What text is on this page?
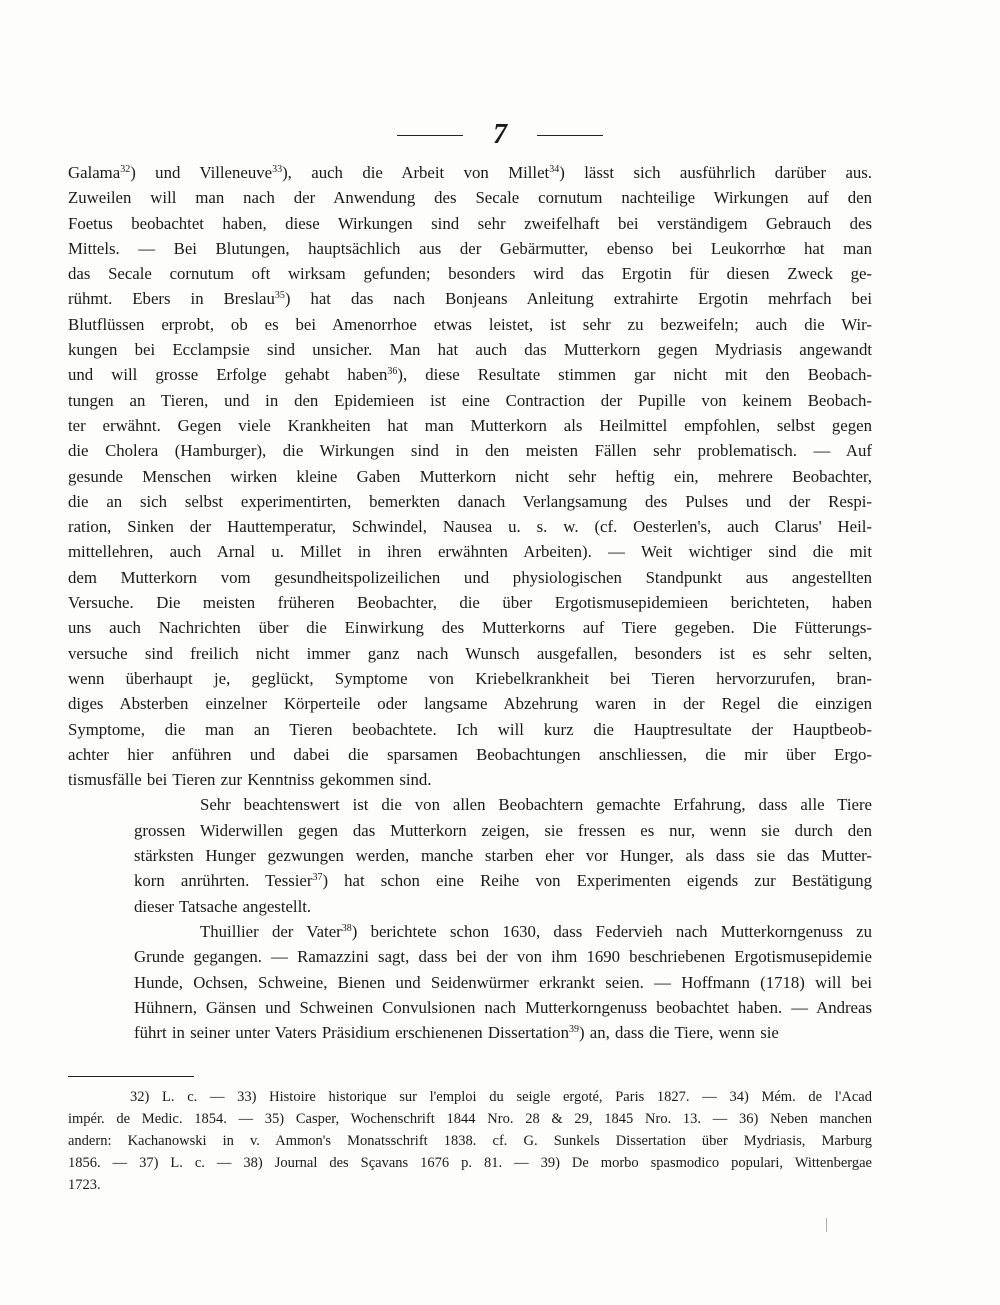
7
Galama$^{32}$) und Villeneuve$^{33}$), auch die Arbeit von Millet$^{34}$) lässt sich ausführlich darüber aus.
Zuweilen will man nach der Anwendung des Secale cornutum nachteilige Wirkungen auf den
Foetus beobachtet haben, diese Wirkungen sind sehr zweifelhaft bei verständigem Gebrauch des
Mittels. — Bei Blutungen, hauptsächlich aus der Gebärmutter, ebenso bei Leukorrhœ hat man
das Secale cornutum oft wirksam gefunden; besonders wird das Ergotin für diesen Zweck ge-
rühmt. Ebers in Breslau$^{35}$) hat das nach Bonjeans Anleitung extrahirte Ergotin mehrfach bei
Blutflüssen erprobt, ob es bei Amenorrhoe etwas leistet, ist sehr zu bezweifeln; auch die Wir-
kungen bei Ecclampsie sind unsicher. Man hat auch das Mutterkorn gegen Mydriasis angewandt
und will grosse Erfolge gehabt haben$^{36}$), diese Resultate stimmen gar nicht mit den Beobach-
tungen an Tieren, und in den Epidemieen ist eine Contraction der Pupille von keinem Beobach-
ter erwähnt. Gegen viele Krankheiten hat man Mutterkorn als Heilmittel empfohlen, selbst gegen
die Cholera (Hamburger), die Wirkungen sind in den meisten Fällen sehr problematisch. — Auf
gesunde Menschen wirken kleine Gaben Mutterkorn nicht sehr heftig ein, mehrere Beobachter,
die an sich selbst experimentirten, bemerkten danach Verlangsamung des Pulses und der Respi-
ration, Sinken der Hauttemperatur, Schwindel, Nausea u. s. w. (cf. Oesterlen's, auch Clarus' Heil-
mittellehren, auch Arnal u. Millet in ihren erwähnten Arbeiten). — Weit wichtiger sind die mit
dem Mutterkorn vom gesundheitspolizeilichen und physiologischen Standpunkt aus angestellten
Versuche. Die meisten früheren Beobachter, die über Ergotismusepidemieen berichteten, haben
uns auch Nachrichten über die Einwirkung des Mutterkorns auf Tiere gegeben. Die Fütterungs-
versuche sind freilich nicht immer ganz nach Wunsch ausgefallen, besonders ist es sehr selten,
wenn überhaupt je, geglückt, Symptome von Kriebelkrankheit bei Tieren hervorzurufen, bran-
diges Absterben einzelner Körperteile oder langsame Abzehrung waren in der Regel die einzigen
Symptome, die man an Tieren beobachtete. Ich will kurz die Hauptresultate der Hauptbeob-
achter hier anführen und dabei die sparsamen Beobachtungen anschliessen, die mir über Ergo-
tismusfälle bei Tieren zur Kenntniss gekommen sind.
Sehr beachtenswert ist die von allen Beobachtern gemachte Erfahrung, dass alle Tiere
grossen Widerwillen gegen das Mutterkorn zeigen, sie fressen es nur, wenn sie durch den
stärksten Hunger gezwungen werden, manche starben eher vor Hunger, als dass sie das Mutter-
korn anrührten. Tessier$^{37}$) hat schon eine Reihe von Experimenten eigends zur Bestätigung
dieser Tatsache angestellt.
Thuillier der Vater$^{38}$) berichtete schon 1630, dass Federvieh nach Mutterkorngenuss zu
Grunde gegangen. — Ramazzini sagt, dass bei der von ihm 1690 beschriebenen Ergotismusepidemie
Hunde, Ochsen, Schweine, Bienen und Seidenwürmer erkrankt seien. — Hoffmann (1718) will bei
Hühnern, Gänsen und Schweinen Convulsionen nach Mutterkorngenuss beobachtet haben. — Andreas
führt in seiner unter Vaters Präsidium erschienenen Dissertation$^{39}$) an, dass die Tiere, wenn sie
32) L. c. — 33) Histoire historique sur l'emploi du seigle ergoté, Paris 1827. — 34) Mém. de l'Acad
impér. de Medic. 1854. — 35) Casper, Wochenschrift 1844 Nro. 28 & 29, 1845 Nro. 13. — 36) Neben manchen
andern: Kachanowski in v. Ammon's Monatsschrift 1838. cf. G. Sunkels Dissertation über Mydriasis, Marburg
1856. — 37) L. c. — 38) Journal des Sçavans 1676 p. 81. — 39) De morbo spasmodico populari, Wittenbergae
1723.
